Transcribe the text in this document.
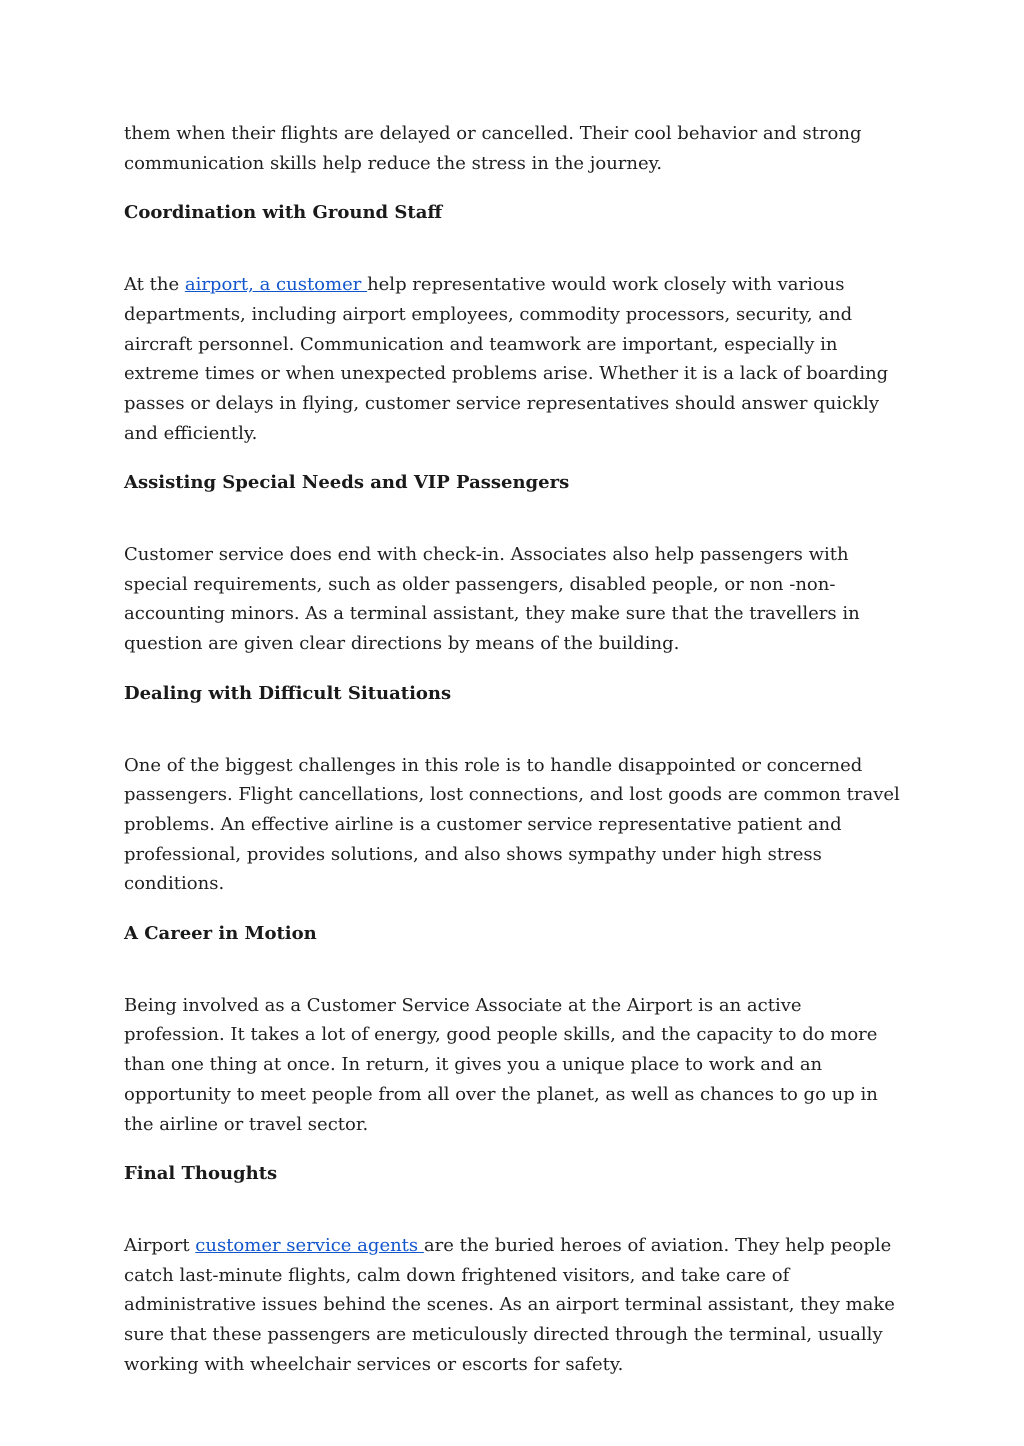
them when their flights are delayed or cancelled. Their cool behavior and strong communication skills help reduce the stress in the journey.

Coordination with Ground Staff

At the airport, a customer help representative would work closely with various departments, including airport employees, commodity processors, security, and aircraft personnel. Communication and teamwork are important, especially in extreme times or when unexpected problems arise. Whether it is a lack of boarding passes or delays in flying, customer service representatives should answer quickly and efficiently.

Assisting Special Needs and VIP Passengers

Customer service does end with check-in. Associates also help passengers with special requirements, such as older passengers, disabled people, or non -non-accounting minors. As a terminal assistant, they make sure that the travellers in question are given clear directions by means of the building.

Dealing with Difficult Situations

One of the biggest challenges in this role is to handle disappointed or concerned passengers. Flight cancellations, lost connections, and lost goods are common travel problems. An effective airline is a customer service representative patient and professional, provides solutions, and also shows sympathy under high stress conditions.

A Career in Motion

Being involved as a Customer Service Associate at the Airport is an active profession. It takes a lot of energy, good people skills, and the capacity to do more than one thing at once. In return, it gives you a unique place to work and an opportunity to meet people from all over the planet, as well as chances to go up in the airline or travel sector.

Final Thoughts

Airport customer service agents are the buried heroes of aviation. They help people catch last-minute flights, calm down frightened visitors, and take care of administrative issues behind the scenes. As an airport terminal assistant, they make sure that these passengers are meticulously directed through the terminal, usually working with wheelchair services or escorts for safety.
